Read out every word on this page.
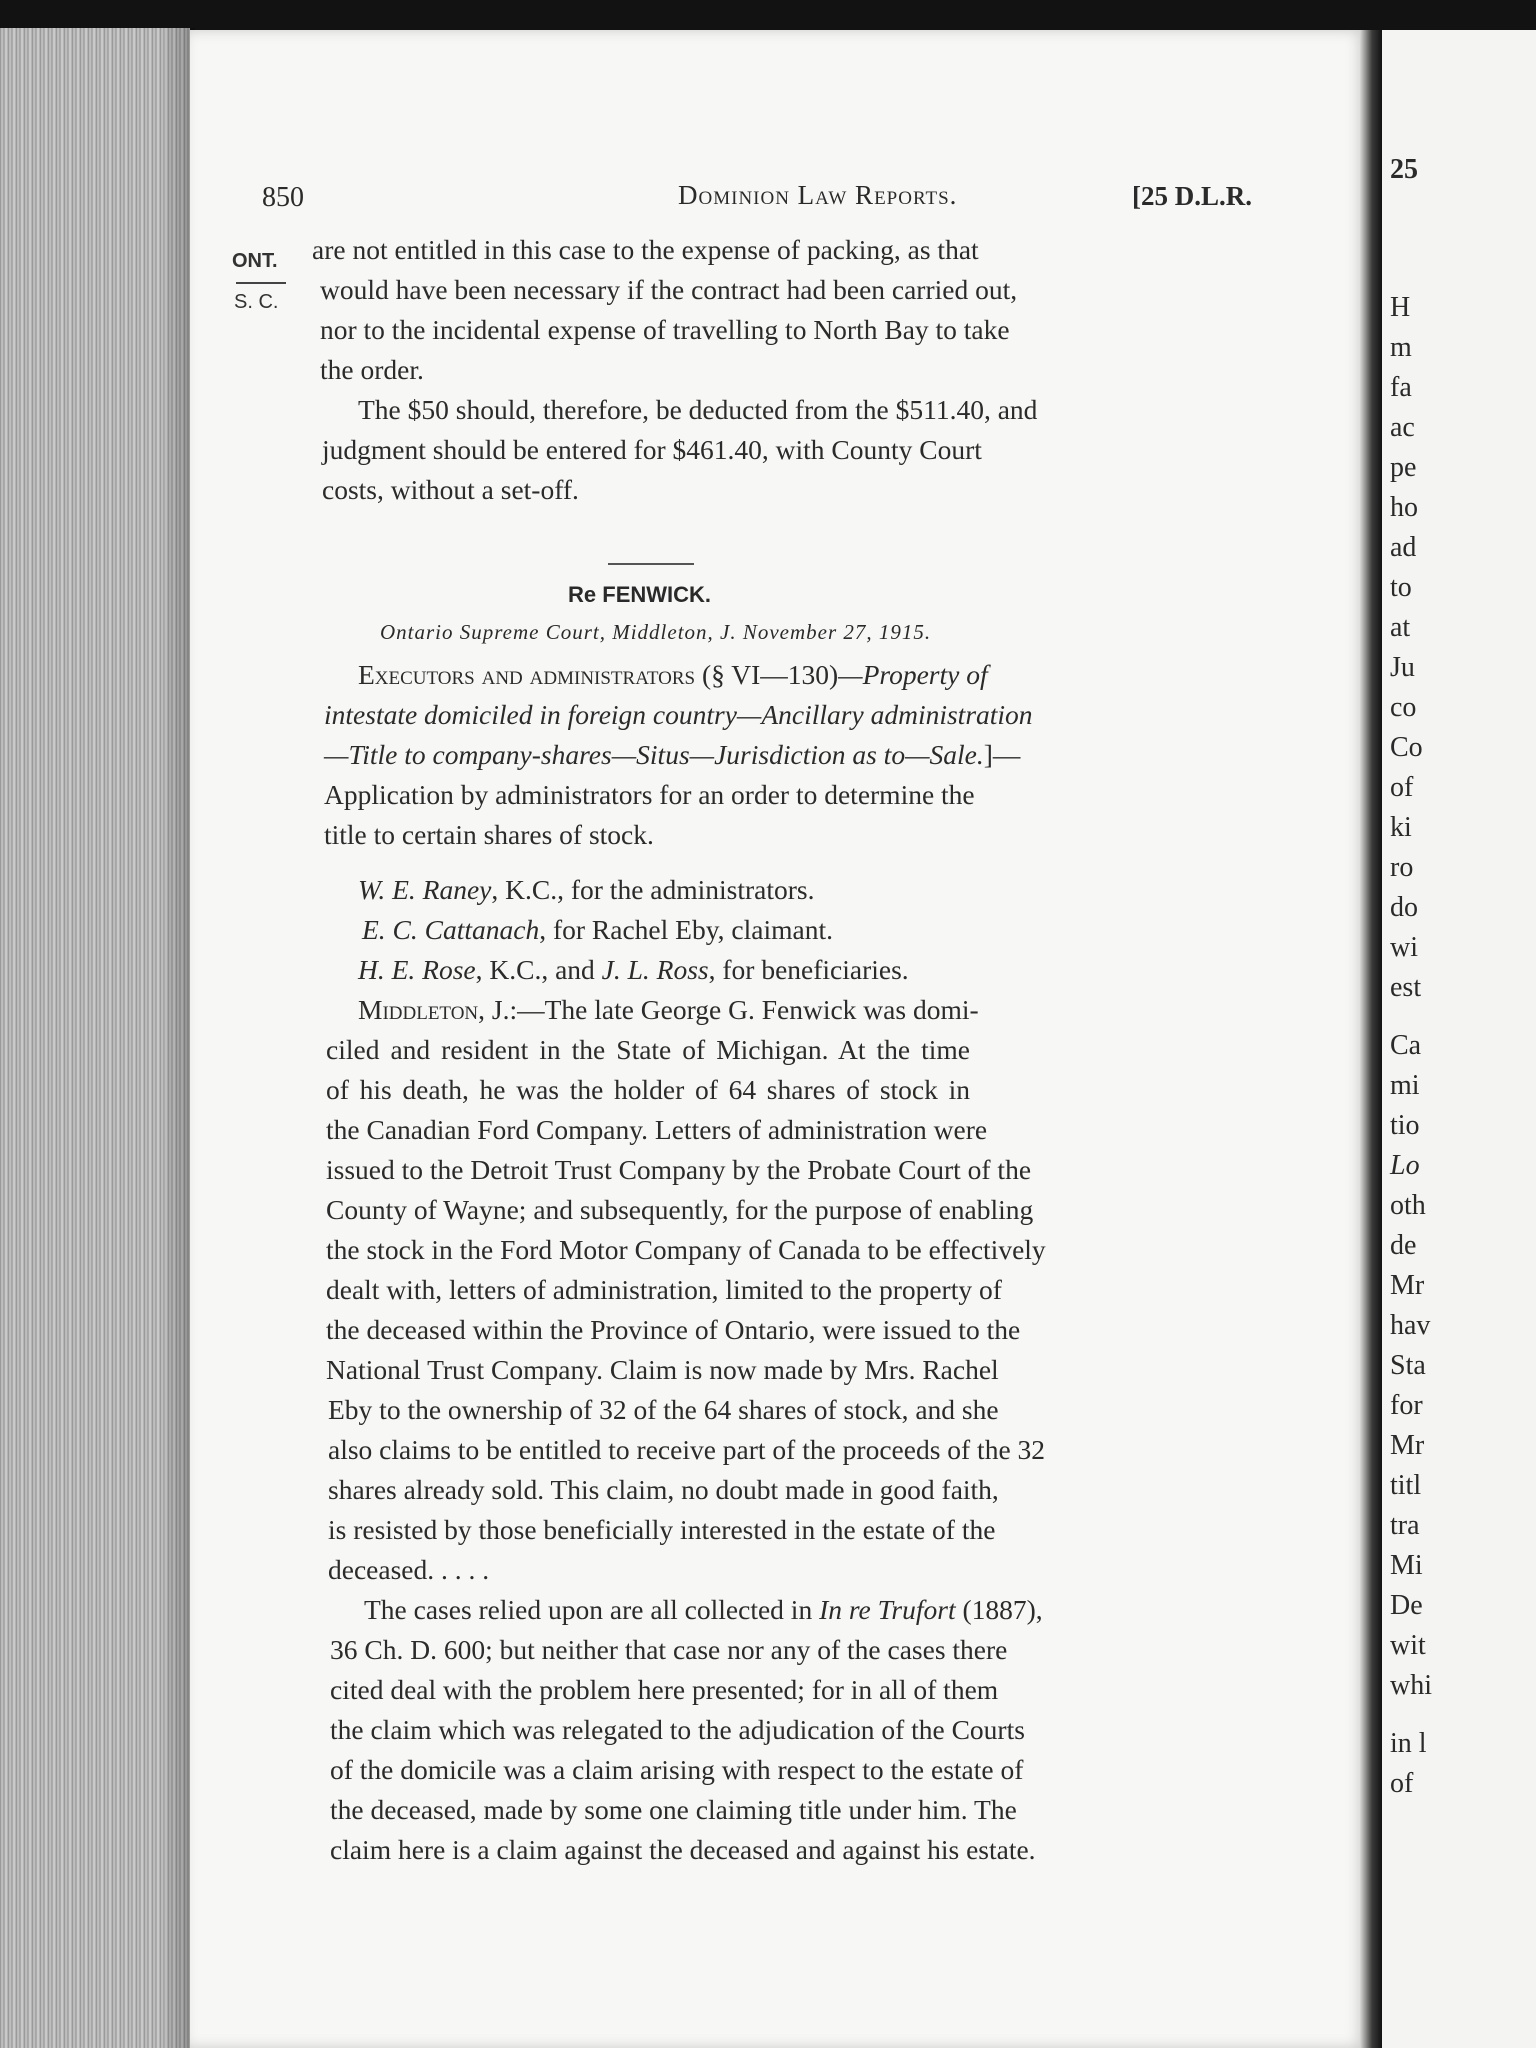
850	Dominion Law Reports.	[25 D.L.R.
ONT.
S. C.
are not entitled in this case to the expense of packing, as that
would have been necessary if the contract had been carried out,
nor to the incidental expense of travelling to North Bay to take
the order.
The $50 should, therefore, be deducted from the $511.40, and
judgment should be entered for $461.40, with County Court
costs, without a set-off.
Re FENWICK.
Ontario Supreme Court, Middleton, J. November 27, 1915.
Executors and administrators (§ VI—130)—Property of
intestate domiciled in foreign country—Ancillary administration
—Title to company-shares—Situs—Jurisdiction as to—Sale.]—
Application by administrators for an order to determine the
title to certain shares of stock.
W. E. Raney, K.C., for the administrators.
E. C. Cattanach, for Rachel Eby, claimant.
H. E. Rose, K.C., and J. L. Ross, for beneficiaries.
Middleton, J.:—The late George G. Fenwick was domi-
ciled and resident in the State of Michigan. At the time
of his death, he was the holder of 64 shares of stock in
the Canadian Ford Company. Letters of administration were
issued to the Detroit Trust Company by the Probate Court of the
County of Wayne; and subsequently, for the purpose of enabling
the stock in the Ford Motor Company of Canada to be effectively
dealt with, letters of administration, limited to the property of
the deceased within the Province of Ontario, were issued to the
National Trust Company. Claim is now made by Mrs. Rachel
Eby to the ownership of 32 of the 64 shares of stock, and she
also claims to be entitled to receive part of the proceeds of the 32
shares already sold. This claim, no doubt made in good faith,
is resisted by those beneficially interested in the estate of the
deceased. . . . .
The cases relied upon are all collected in In re Trufort (1887),
36 Ch. D. 600; but neither that case nor any of the cases there
cited deal with the problem here presented; for in all of them
the claim which was relegated to the adjudication of the Courts
of the domicile was a claim arising with respect to the estate of
the deceased, made by some one claiming title under him. The
claim here is a claim against the deceased and against his estate.
25
H
m
fa
ac
pe
ho
ad
to
at
Ju
co
Co
of
ki
ro
do
wi
est
Ca
mi
tio
Lo
oth
de
Mr
hav
Sta
for
Mr
titl
tra
Mi
De
wit
whi
in l
of
